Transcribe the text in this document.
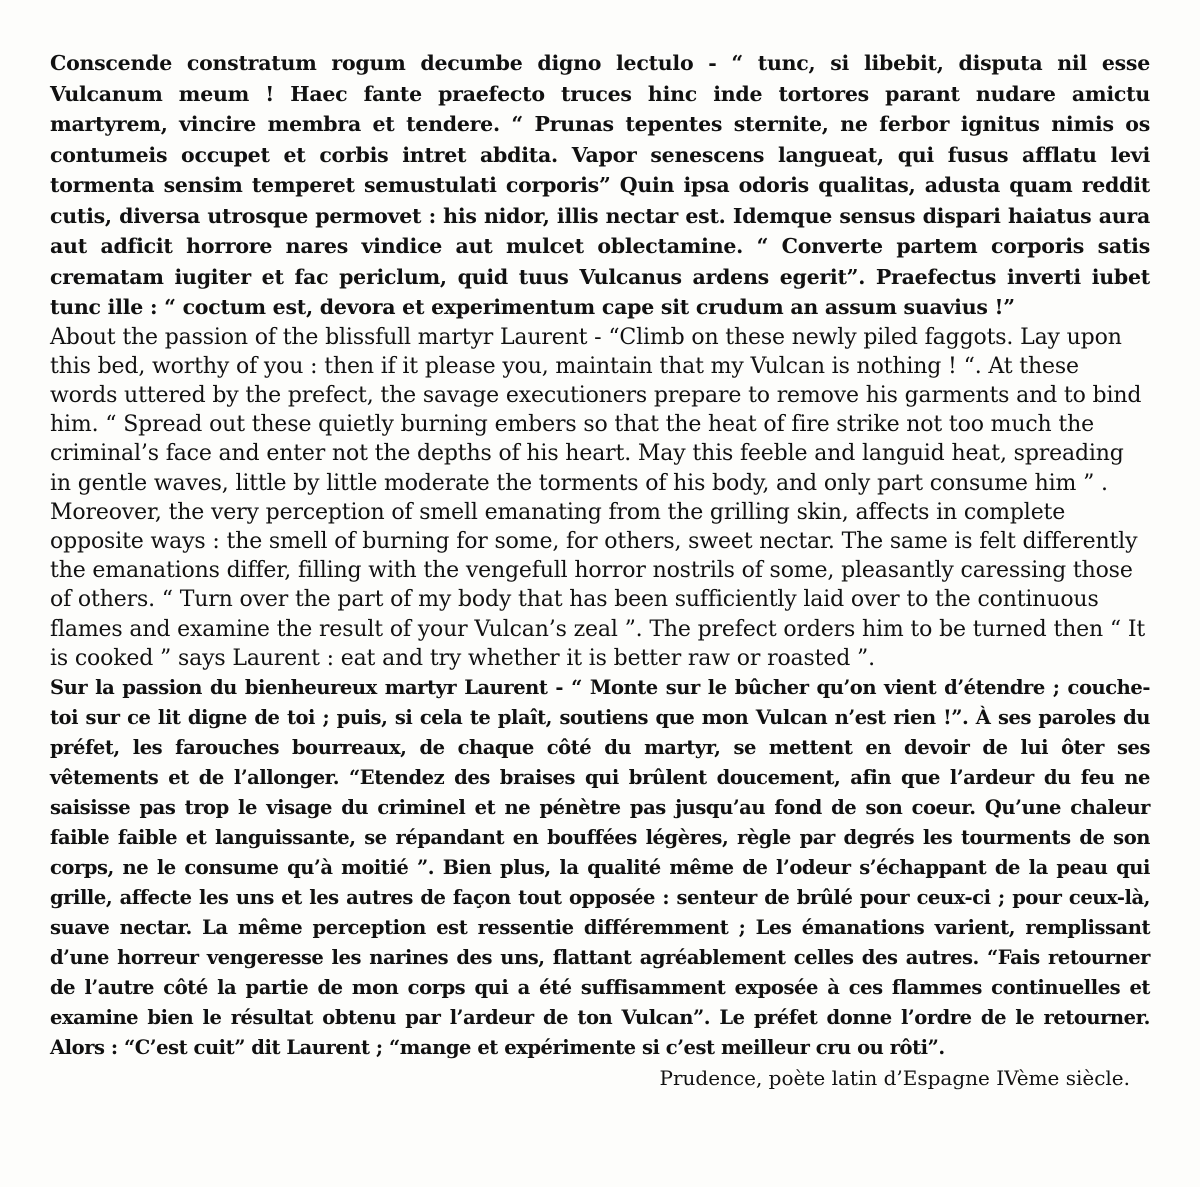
Conscende constratum rogum decumbe digno lectulo - “ tunc, si libebit, disputa nil esse Vulcanum meum ! Haec fante praefecto truces hinc inde tortores parant nudare amictu martyrem, vincire membra et tendere. “ Prunas tepentes sternite, ne ferbor ignitus nimis os contumeis occupet et corbis intret abdita. Vapor senescens langueat, qui fusus afflatu levi tormenta sensim temperet semustulati corporis” Quin ipsa odoris qualitas, adusta quam reddit cutis, diversa utrosque permovet : his nidor, illis nectar est. Idemque sensus dispari haiatus aura aut adficit horrore nares vindice aut mulcet oblectamine. “ Converte partem corporis satis crematam iugiter et fac periclum, quid tuus Vulcanus ardens egerit”. Praefectus inverti iubet tunc ille : “ coctum est, devora et experimentum cape sit crudum an assum suavius !”

About the passion of the blissfull martyr Laurent - “Climb on these newly piled faggots. Lay upon this bed, worthy of you : then if it please you, maintain that my Vulcan is nothing ! “. At these words uttered by the prefect, the savage executioners prepare to remove his garments and to bind him. “ Spread out these quietly burning embers so that the heat of fire strike not too much the criminal’s face and enter not the depths of his heart. May this feeble and languid heat, spreading in gentle waves, little by little moderate the torments of his body, and only part consume him ” . Moreover, the very perception of smell emanating from the grilling skin, affects in complete opposite ways : the smell of burning for some, for others, sweet nectar. The same is felt differently the emanations differ, filling with the vengefull horror nostrils of some, pleasantly caressing those of others. “ Turn over the part of my body that has been sufficiently laid over to the continuous flames and examine the result of your Vulcan’s zeal ”. The prefect orders him to be turned then “ It is cooked ” says Laurent : eat and try whether it is better raw or roasted ”.

Sur la passion du bienheureux martyr Laurent - “ Monte sur le bûcher qu’on vient d’étendre ; couche-toi sur ce lit digne de toi ; puis, si cela te plaît, soutiens que mon Vulcan n’est rien !”. À ses paroles du préfet, les farouches bourreaux, de chaque côté du martyr, se mettent en devoir de lui ôter ses vêtements et de l’allonger. “Etendez des braises qui brûlent doucement, afin que l’ardeur du feu ne saisisse pas trop le visage du criminel et ne pénètre pas jusqu’au fond de son coeur. Qu’une chaleur faible faible et languissante, se répandant en bouffées légères, règle par degrés les tourments de son corps, ne le consume qu’à moitié ”. Bien plus, la qualité même de l’odeur s’échappant de la peau qui grille, affecte les uns et les autres de façon tout opposée : senteur de brûlé pour ceux-ci ; pour ceux-là, suave nectar. La même perception est ressentie différemment ; Les émanations varient, remplissant d’une horreur vengeresse les narines des uns, flattant agréablement celles des autres. “Fais retourner de l’autre côté la partie de mon corps qui a été suffisamment exposée à ces flammes continuelles et examine bien le résultat obtenu par l’ardeur de ton Vulcan”. Le préfet donne l’ordre de le retourner. Alors : “C’est cuit” dit Laurent ; “mange et expérimente si c’est meilleur cru ou rôti”.

Prudence, poète latin d’Espagne IVème siècle.
